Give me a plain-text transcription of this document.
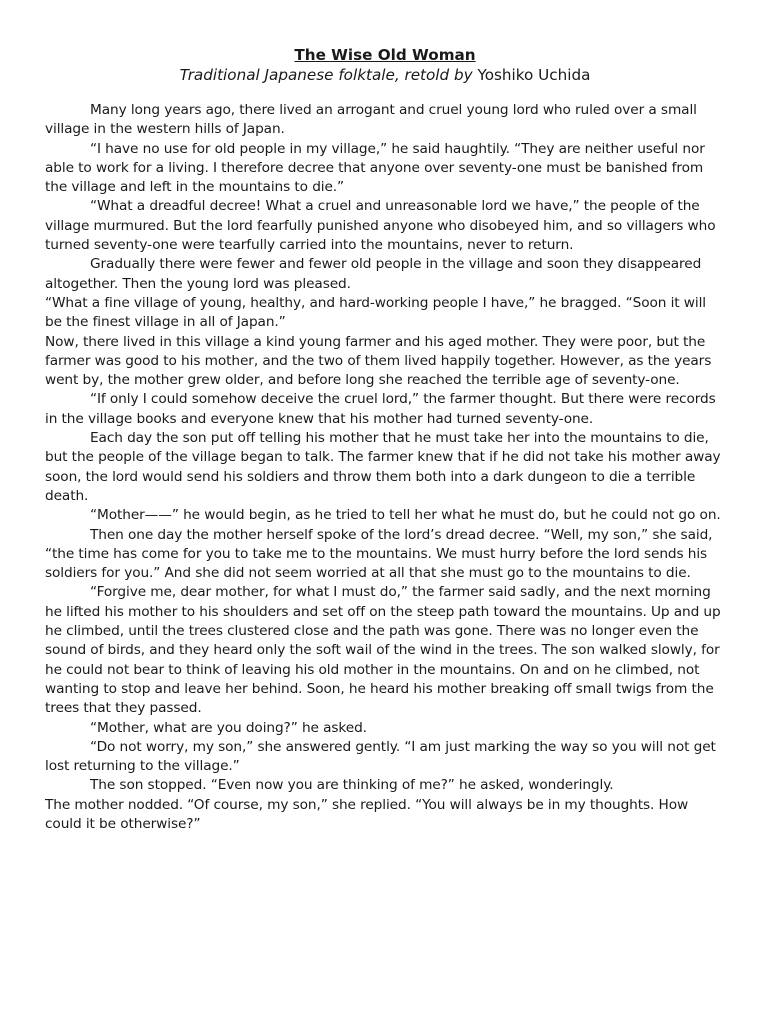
The Wise Old Woman
Traditional Japanese folktale, retold by Yoshiko Uchida

Many long years ago, there lived an arrogant and cruel young lord who ruled over a small village in the western hills of Japan.

“I have no use for old people in my village,” he said haughtily. “They are neither useful nor able to work for a living. I therefore decree that anyone over seventy-one must be banished from the village and left in the mountains to die.”

“What a dreadful decree! What a cruel and unreasonable lord we have,” the people of the village murmured. But the lord fearfully punished anyone who disobeyed him, and so villagers who turned seventy-one were tearfully carried into the mountains, never to return.

Gradually there were fewer and fewer old people in the village and soon they disappeared altogether. Then the young lord was pleased.

“What a fine village of young, healthy, and hard-working people I have,” he bragged. “Soon it will be the finest village in all of Japan.”

Now, there lived in this village a kind young farmer and his aged mother. They were poor, but the farmer was good to his mother, and the two of them lived happily together. However, as the years went by, the mother grew older, and before long she reached the terrible age of seventy-one.

“If only I could somehow deceive the cruel lord,” the farmer thought. But there were records in the village books and everyone knew that his mother had turned seventy-one.

Each day the son put off telling his mother that he must take her into the mountains to die, but the people of the village began to talk. The farmer knew that if he did not take his mother away soon, the lord would send his soldiers and throw them both into a dark dungeon to die a terrible death.

“Mother——” he would begin, as he tried to tell her what he must do, but he could not go on.

Then one day the mother herself spoke of the lord’s dread decree. “Well, my son,” she said, “the time has come for you to take me to the mountains. We must hurry before the lord sends his soldiers for you.” And she did not seem worried at all that she must go to the mountains to die.

“Forgive me, dear mother, for what I must do,” the farmer said sadly, and the next morning he lifted his mother to his shoulders and set off on the steep path toward the mountains. Up and up he climbed, until the trees clustered close and the path was gone. There was no longer even the sound of birds, and they heard only the soft wail of the wind in the trees. The son walked slowly, for he could not bear to think of leaving his old mother in the mountains. On and on he climbed, not wanting to stop and leave her behind. Soon, he heard his mother breaking off small twigs from the trees that they passed.

“Mother, what are you doing?” he asked.

“Do not worry, my son,” she answered gently. “I am just marking the way so you will not get lost returning to the village.”

The son stopped. “Even now you are thinking of me?” he asked, wonderingly.

The mother nodded. “Of course, my son,” she replied. “You will always be in my thoughts. How could it be otherwise?”
